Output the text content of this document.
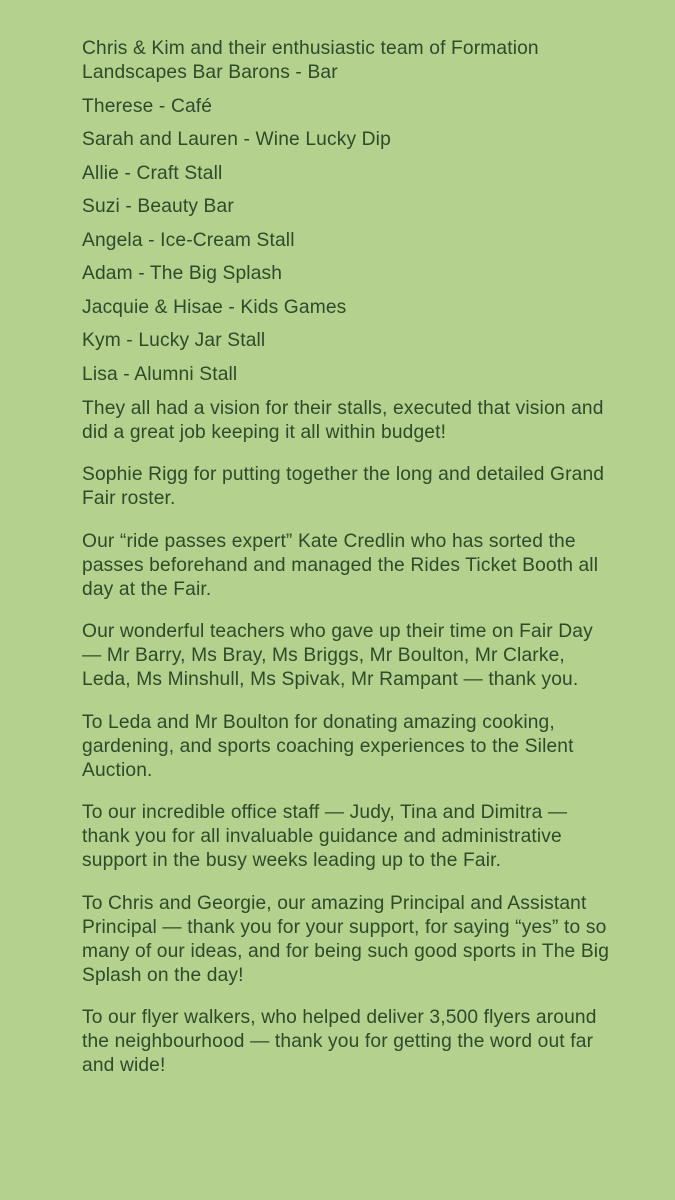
Chris & Kim and their enthusiastic team of Formation Landscapes Bar Barons - Bar
Therese - Café
Sarah and Lauren - Wine Lucky Dip
Allie - Craft Stall
Suzi - Beauty Bar
Angela - Ice-Cream Stall
Adam - The Big Splash
Jacquie & Hisae - Kids Games
Kym - Lucky Jar Stall
Lisa - Alumni Stall

They all had a vision for their stalls, executed that vision and did a great job keeping it all within budget!

Sophie Rigg for putting together the long and detailed Grand Fair roster.

Our “ride passes expert” Kate Credlin who has sorted the passes beforehand and managed the Rides Ticket Booth all day at the Fair.

Our wonderful teachers who gave up their time on Fair Day — Mr Barry, Ms Bray, Ms Briggs, Mr Boulton, Mr Clarke, Leda, Ms Minshull, Ms Spivak, Mr Rampant — thank you.

To Leda and Mr Boulton for donating amazing cooking, gardening, and sports coaching experiences to the Silent Auction.

To our incredible office staff — Judy, Tina and Dimitra — thank you for all invaluable guidance and administrative support in the busy weeks leading up to the Fair.

To Chris and Georgie, our amazing Principal and Assistant Principal — thank you for your support, for saying “yes” to so many of our ideas, and for being such good sports in The Big Splash on the day!

To our flyer walkers, who helped deliver 3,500 flyers around the neighbourhood — thank you for getting the word out far and wide!
